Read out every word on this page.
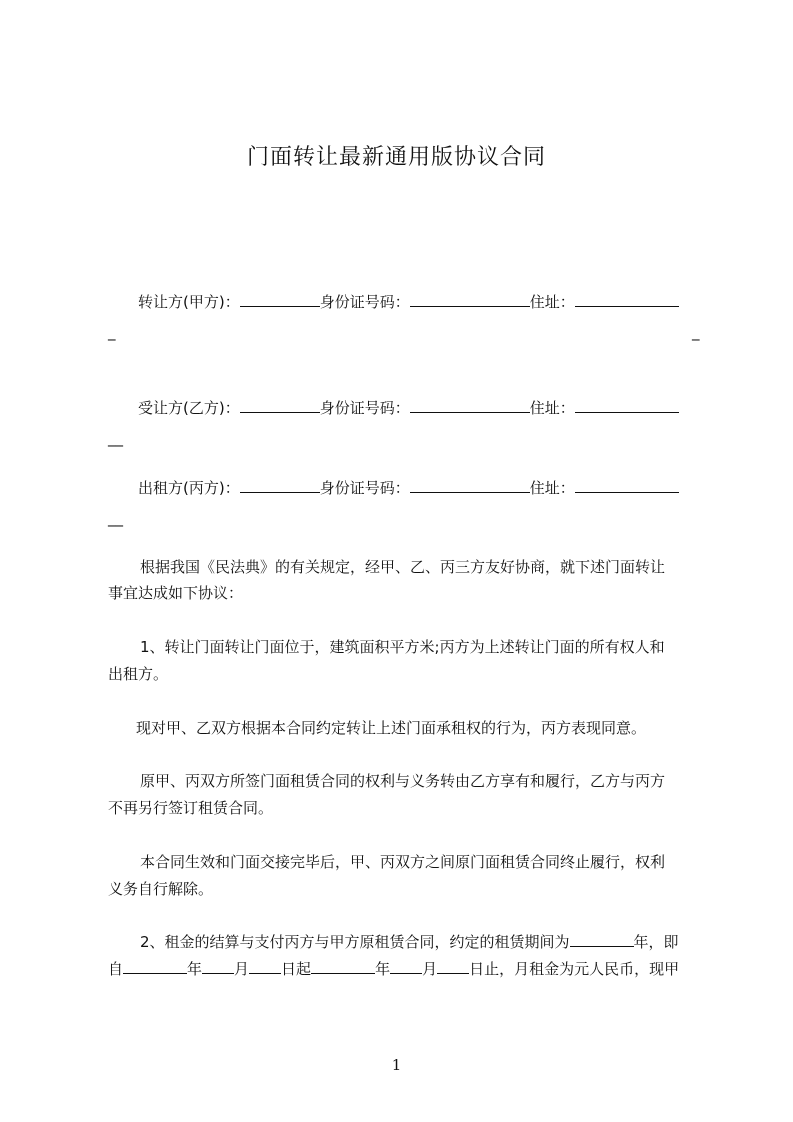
门面转让最新通用版协议合同
转让方(甲方)：	身份证号码：	住址：
_	_
受让方(乙方)：	身份证号码：	住址：
__
出租方(丙方)：	身份证号码：	住址：
__
根据我国《民法典》的有关规定，经甲、乙、丙三方友好协商，就下述门面转让
事宜达成如下协议：
1、转让门面转让门面位于，建筑面积平方米;丙方为上述转让门面的所有权人和
出租方。
现对甲、乙双方根据本合同约定转让上述门面承租权的行为，丙方表现同意。
原甲、丙双方所签门面租赁合同的权利与义务转由乙方享有和履行，乙方与丙方
不再另行签订租赁合同。
本合同生效和门面交接完毕后，甲、丙双方之间原门面租赁合同终止履行，权利
义务自行解除。
2、租金的结算与支付丙方与甲方原租赁合同，约定的租赁期间为	年，即
自	年 月 日起	年 月 日止，月租金为元人民币，现甲
1
